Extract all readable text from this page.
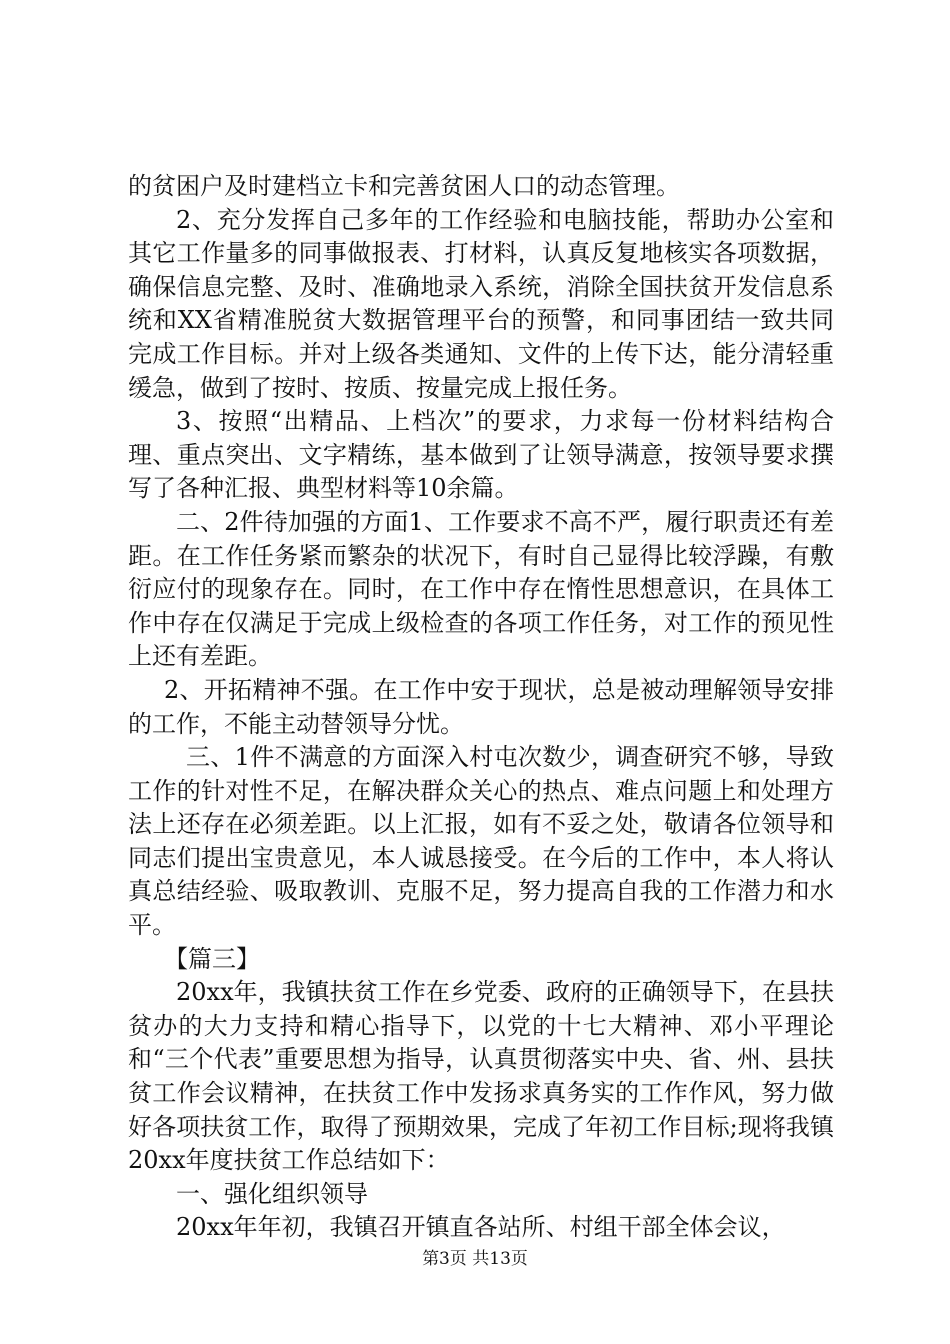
的贫困户及时建档立卡和完善贫困人口的动态管理。

2、充分发挥自己多年的工作经验和电脑技能，帮助办公室和其它工作量多的同事做报表、打材料，认真反复地核实各项数据，确保信息完整、及时、准确地录入系统，消除全国扶贫开发信息系统和XX省精准脱贫大数据管理平台的预警，和同事团结一致共同完成工作目标。并对上级各类通知、文件的上传下达，能分清轻重缓急，做到了按时、按质、按量完成上报任务。

3、按照“出精品、上档次”的要求，力求每一份材料结构合理、重点突出、文字精练，基本做到了让领导满意，按领导要求撰写了各种汇报、典型材料等10余篇。

二、2件待加强的方面1、工作要求不高不严，履行职责还有差距。在工作任务紧而繁杂的状况下，有时自己显得比较浮躁，有敷衍应付的现象存在。同时，在工作中存在惰性思想意识，在具体工作中存在仅满足于完成上级检查的各项工作任务，对工作的预见性上还有差距。

2、开拓精神不强。在工作中安于现状，总是被动理解领导安排的工作，不能主动替领导分忧。

三、1件不满意的方面深入村屯次数少，调查研究不够，导致工作的针对性不足，在解决群众关心的热点、难点问题上和处理方法上还存在必须差距。以上汇报，如有不妥之处，敬请各位领导和同志们提出宝贵意见，本人诚恳接受。在今后的工作中，本人将认真总结经验、吸取教训、克服不足，努力提高自我的工作潜力和水平。

【篇三】

20xx年，我镇扶贫工作在乡党委、政府的正确领导下，在县扶贫办的大力支持和精心指导下，以党的十七大精神、邓小平理论和“三个代表”重要思想为指导，认真贯彻落实中央、省、州、县扶贫工作会议精神，在扶贫工作中发扬求真务实的工作作风，努力做好各项扶贫工作，取得了预期效果，完成了年初工作目标;现将我镇20xx年度扶贫工作总结如下：

一、强化组织领导

20xx年年初，我镇召开镇直各站所、村组干部全体会议，

第3页 共13页
